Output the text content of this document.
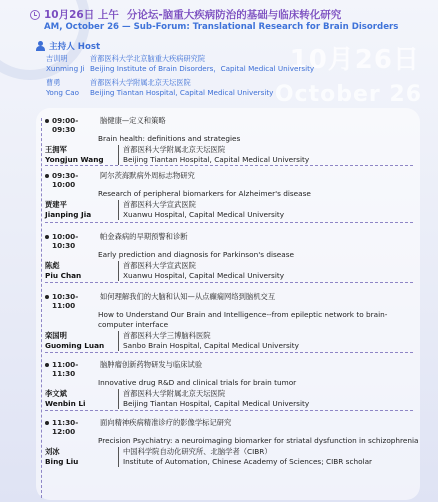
10月26日 上午 分论坛-脑重大疾病防治的基础与临床转化研究
AM, October 26 — Sub-Forum: Translational Research for Brain Disorders
10月26日
October 26
主持人 Host
吉训明
Xunming Ji
首都医科大学北京脑重大疾病研究院
Beijing Institute of Brain Disorders，Capital Medical University
曹勇
Yong Cao
首都医科大学附属北京天坛医院
Beijing Tiantan Hospital, Capital Medical University
09:00-09:30
脑健康—定义和策略
Brain health: definitions and strategies
王拥军
Yongjun Wang
首都医科大学附属北京天坛医院
Beijing Tiantan Hospital, Capital Medical University
09:30-10:00
阿尔茨海默病外周标志物研究
Research of peripheral biomarkers for Alzheimer's disease
贾建平
Jianping Jia
首都医科大学宣武医院
Xuanwu Hospital, Capital Medical University
10:00-10:30
帕金森病的早期预警和诊断
Early prediction and diagnosis for Parkinson's disease
陈彪
Piu Chan
首都医科大学宣武医院
Xuanwu Hospital, Capital Medical University
10:30-11:00
如何理解我们的大脑和认知—从点癫痫网络到脑机交互
How to Understand Our Brain and Intelligence--from epileptic network to brain-computer interface
栾国明
Guoming Luan
首都医科大学三博脑科医院
Sanbo Brain Hospital, Capital Medical University
11:00-11:30
脑肿瘤创新药物研发与临床试验
Innovative drug R&D and clinical trials for brain tumor
李文斌
Wenbin Li
首都医科大学附属北京天坛医院
Beijing Tiantan Hospital, Capital Medical University
11:30-12:00
面向精神疾病精准诊疗的影像学标记研究
Precision Psychiatry: a neuroimaging biomarker for striatal dysfunction in schizophrenia
刘冰
Bing Liu
中国科学院自动化研究所、北脑学者（CIBR）
Institute of Automation, Chinese Academy of Sciences; CIBR scholar
